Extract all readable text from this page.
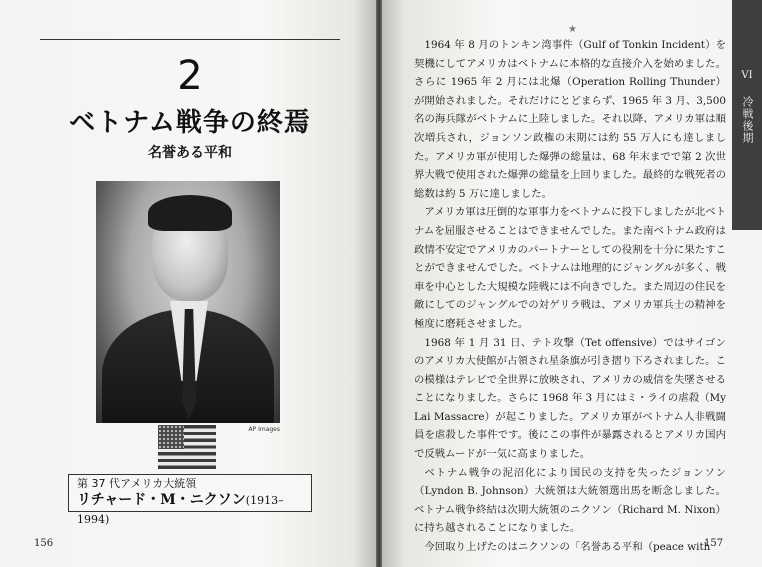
2
ベトナム戦争の終焉
名誉ある平和
AP Images
第 37 代アメリカ大統領
リチャード・M・ニクソン(1913–1994)
156
★

1964 年 8 月のトンキン湾事件（Gulf of Tonkin Incident）を契機にしてアメリカはベトナムに本格的な直接介入を始めました。さらに 1965 年 2 月には北爆（Operation Rolling Thunder）が開始されました。それだけにとどまらず、1965 年 3 月、3,500 名の海兵隊がベトナムに上陸しました。それ以降、アメリカ軍は順次増兵され，ジョンソン政権の末期には約 55 万人にも達しました。アメリカ軍が使用した爆弾の総量は、68 年末までで第 2 次世界大戦で使用された爆弾の総量を上回りました。最終的な戦死者の総数は約 5 万に達しました。

アメリカ軍は圧倒的な軍事力をベトナムに投下しましたが北ベトナムを屈服させることはできませんでした。また南ベトナム政府は政情不安定でアメリカのパートナーとしての役割を十分に果たすことができませんでした。ベトナムは地理的にジャングルが多く、戦車を中心とした大規模な陸戦には不向きでした。また周辺の住民を敵にしてのジャングルでの対ゲリラ戦は、アメリカ軍兵士の精神を極度に磨耗させました。

1968 年 1 月 31 日、テト攻撃（Tet offensive）ではサイゴンのアメリカ大使館が占領され星条旗が引き摺り下ろされました。この模様はテレビで全世界に放映され、アメリカの威信を失墜させることになりました。さらに 1968 年 3 月にはミ・ライの虐殺（My Lai Massacre）が起こりました。アメリカ軍がベトナム人非戦闘員を虐殺した事件です。後にこの事件が暴露されるとアメリカ国内で反戦ムードが一気に高まりました。

ベトナム戦争の泥沼化により国民の支持を失ったジョンソン（Lyndon B. Johnson）大統領は大統領選出馬を断念しました。ベトナム戦争終結は次期大統領のニクソン（Richard M. Nixon）に持ち越されることになりました。

今回取り上げたのはニクソンの「名誉ある平和（peace with

VI
冷戦後期
157
